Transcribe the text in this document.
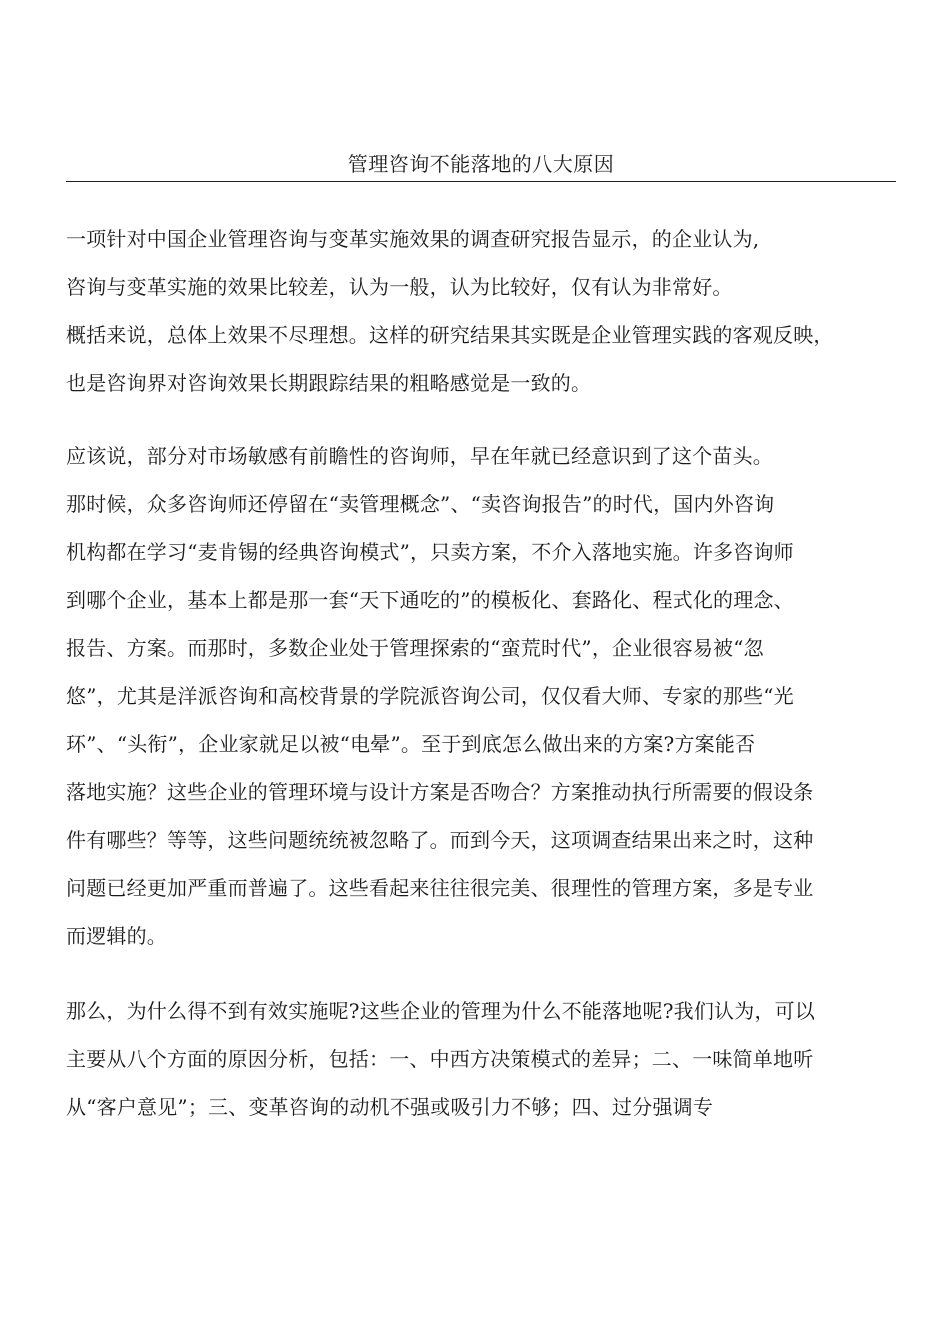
管理咨询不能落地的八大原因
一项针对中国企业管理咨询与变革实施效果的调查研究报告显示，的企业认为,
咨询与变革实施的效果比较差，认为一般，认为比较好，仅有认为非常好。
概括来说，总体上效果不尽理想。这样的研究结果其实既是企业管理实践的客观反映，
也是咨询界对咨询效果长期跟踪结果的粗略感觉是一致的。
应该说，部分对市场敏感有前瞻性的咨询师，早在年就已经意识到了这个苗头。
那时候，众多咨询师还停留在“卖管理概念”、“卖咨询报告”的时代，国内外咨询
机构都在学习“麦肯锡的经典咨询模式”，只卖方案，不介入落地实施。许多咨询师
到哪个企业，基本上都是那一套“天下通吃的”的模板化、套路化、程式化的理念、
报告、方案。而那时，多数企业处于管理探索的“蛮荒时代”，企业很容易被“忽
悠”，尤其是洋派咨询和高校背景的学院派咨询公司，仅仅看大师、专家的那些“光
环”、“头衔”，企业家就足以被“电晕”。至于到底怎么做出来的方案?方案能否
落地实施？这些企业的管理环境与设计方案是否吻合？方案推动执行所需要的假设条
件有哪些？等等，这些问题统统被忽略了。而到今天，这项调查结果出来之时，这种
问题已经更加严重而普遍了。这些看起来往往很完美、很理性的管理方案，多是专业
而逻辑的。
那么，为什么得不到有效实施呢?这些企业的管理为什么不能落地呢?我们认为，可以
主要从八个方面的原因分析，包括：一、中西方决策模式的差异；二、一味简单地听
从“客户意见”；三、变革咨询的动机不强或吸引力不够；四、过分强调专
